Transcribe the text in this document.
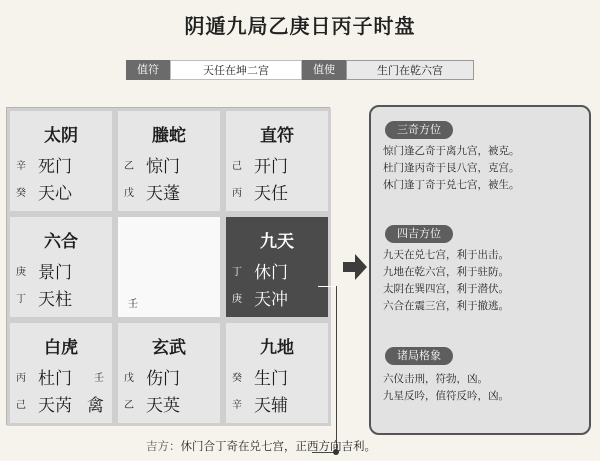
阴遁九局乙庚日丙子时盘
值符	天任在坤二宫	值使	生门在乾六宫
太阴
辛 死门
癸 天心
螣蛇
乙 惊门
戊 天蓬
直符
己 开门
丙 天任
六合
庚 景门
丁 天柱	壬
九天
丁 休门
庚 天冲
白虎
丙 杜门 壬
己 天芮 禽
玄武
戊 伤门
乙 天英
九地
癸 生门
辛 天辅
三奇方位
惊门逢乙奇于离九宫，被克。
杜门逢丙奇于艮八宫，克宫。
休门逢丁奇于兑七宫，被生。
四吉方位
九天在兑七宫，利于出击。
九地在乾六宫，利于驻防。
太阴在巽四宫，利于潜伏。
六合在震三宫，利于撤逃。
诸局格象
六仪击刑，符勃，凶。
九星反吟，值符反吟，凶。
吉方：休门合丁奇在兑七宫，正西方向吉利。
